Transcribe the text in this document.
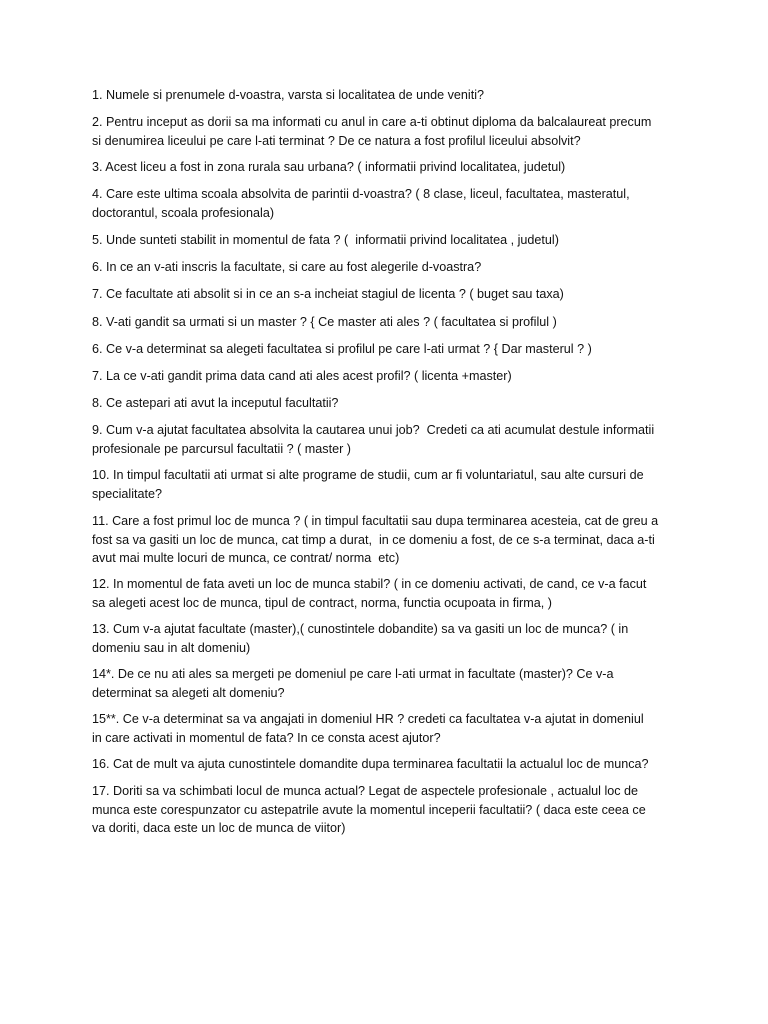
1. Numele si prenumele d-voastra, varsta si localitatea de unde veniti?

2. Pentru inceput as dorii sa ma informati cu anul in care a-ti obtinut diploma da balcalaureat precum
si denumirea liceului pe care l-ati terminat ? De ce natura a fost profilul liceului absolvit?

3. Acest liceu a fost in zona rurala sau urbana? ( informatii privind localitatea, judetul)

4. Care este ultima scoala absolvita de parintii d-voastra? ( 8 clase, liceul, facultatea, masteratul,
doctorantul, scoala profesionala)

5. Unde sunteti stabilit in momentul de fata ? (  informatii privind localitatea , judetul)

6. In ce an v-ati inscris la facultate, si care au fost alegerile d-voastra?

7. Ce facultate ati absolit si in ce an s-a incheiat stagiul de licenta ? ( buget sau taxa)

8. V-ati gandit sa urmati si un master ? { Ce master ati ales ? ( facultatea si profilul )

6. Ce v-a determinat sa alegeti facultatea si profilul pe care l-ati urmat ? { Dar masterul ? )

7. La ce v-ati gandit prima data cand ati ales acest profil? ( licenta +master)

8. Ce astepari ati avut la inceputul facultatii?

9. Cum v-a ajutat facultatea absolvita la cautarea unui job?  Credeti ca ati acumulat destule informatii
profesionale pe parcursul facultatii ? ( master )

10. In timpul facultatii ati urmat si alte programe de studii, cum ar fi voluntariatul, sau alte cursuri de
specialitate?

11. Care a fost primul loc de munca ? ( in timpul facultatii sau dupa terminarea acesteia, cat de greu a
fost sa va gasiti un loc de munca, cat timp a durat,  in ce domeniu a fost, de ce s-a terminat, daca a-ti
avut mai multe locuri de munca, ce contrat/ norma  etc)

12. In momentul de fata aveti un loc de munca stabil? ( in ce domeniu activati, de cand, ce v-a facut
sa alegeti acest loc de munca, tipul de contract, norma, functia ocupoata in firma, )

13. Cum v-a ajutat facultate (master),( cunostintele dobandite) sa va gasiti un loc de munca? ( in
domeniu sau in alt domeniu)

14*. De ce nu ati ales sa mergeti pe domeniul pe care l-ati urmat in facultate (master)? Ce v-a
determinat sa alegeti alt domeniu?

15**. Ce v-a determinat sa va angajati in domeniul HR ? credeti ca facultatea v-a ajutat in domeniul
in care activati in momentul de fata? In ce consta acest ajutor?

16. Cat de mult va ajuta cunostintele domandite dupa terminarea facultatii la actualul loc de munca?

17. Doriti sa va schimbati locul de munca actual? Legat de aspectele profesionale , actualul loc de
munca este corespunzator cu astepatrile avute la momentul inceperii facultatii? ( daca este ceea ce
va doriti, daca este un loc de munca de viitor)
